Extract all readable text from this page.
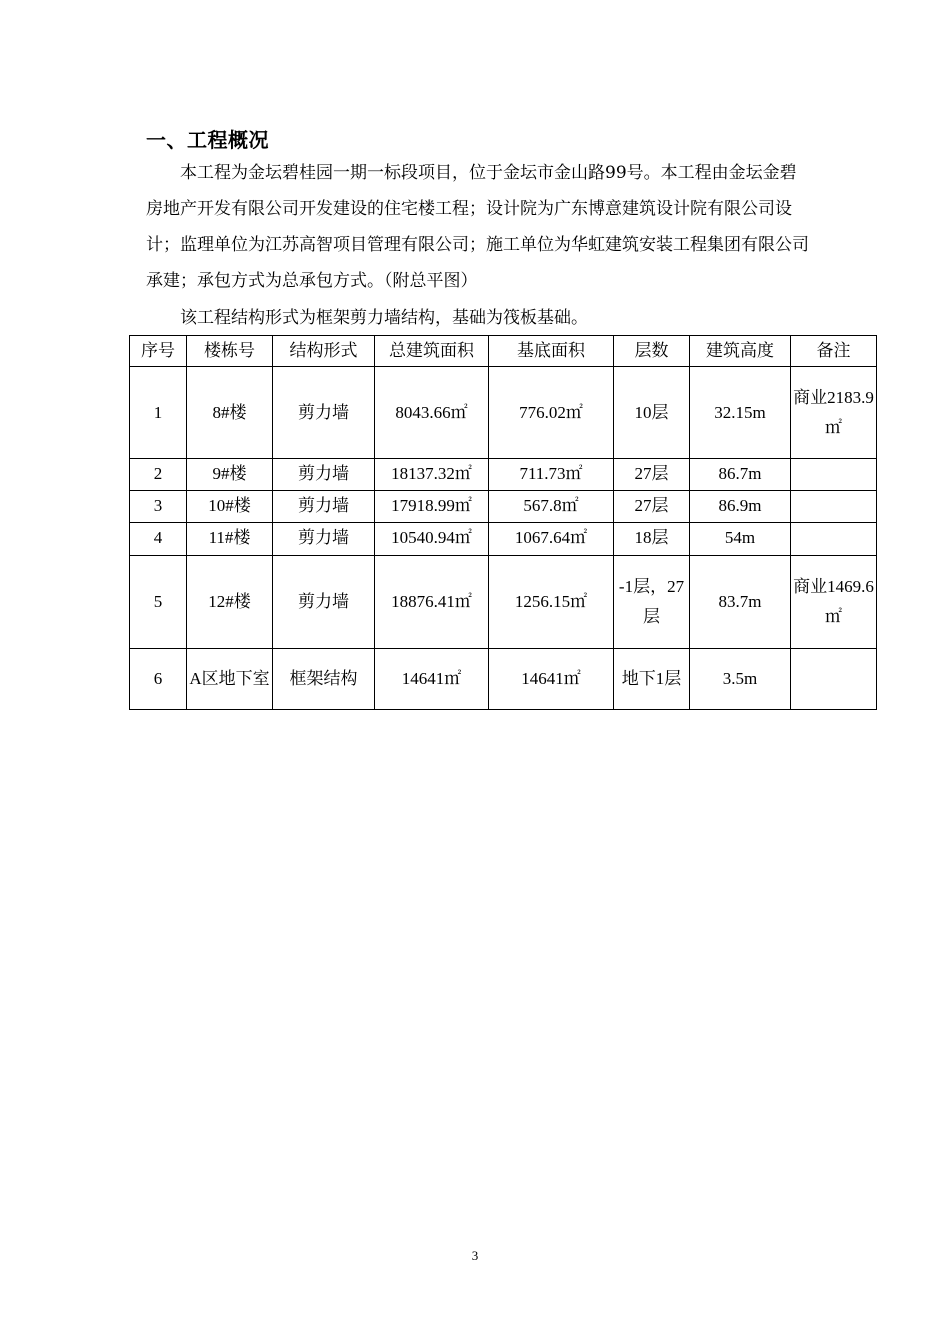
一、工程概况

本工程为金坛碧桂园一期一标段项目，位于金坛市金山路99号。本工程由金坛金碧房地产开发有限公司开发建设的住宅楼工程；设计院为广东博意建筑设计院有限公司设计；监理单位为江苏高智项目管理有限公司；施工单位为华虹建筑安装工程集团有限公司承建；承包方式为总承包方式。（附总平图）

该工程结构形式为框架剪力墙结构，基础为筏板基础。

序号	楼栋号	结构形式	总建筑面积	基底面积	层数	建筑高度	备注
1	8#楼	剪力墙	8043.66㎡	776.02㎡	10层	32.15m	商业2183.9㎡
2	9#楼	剪力墙	18137.32㎡	711.73㎡	27层	86.7m	
3	10#楼	剪力墙	17918.99㎡	567.8㎡	27层	86.9m	
4	11#楼	剪力墙	10540.94㎡	1067.64㎡	18层	54m	
5	12#楼	剪力墙	18876.41㎡	1256.15㎡	-1层，27层	83.7m	商业1469.6㎡
6	A区地下室	框架结构	14641㎡	14641㎡	地下1层	3.5m	
3
